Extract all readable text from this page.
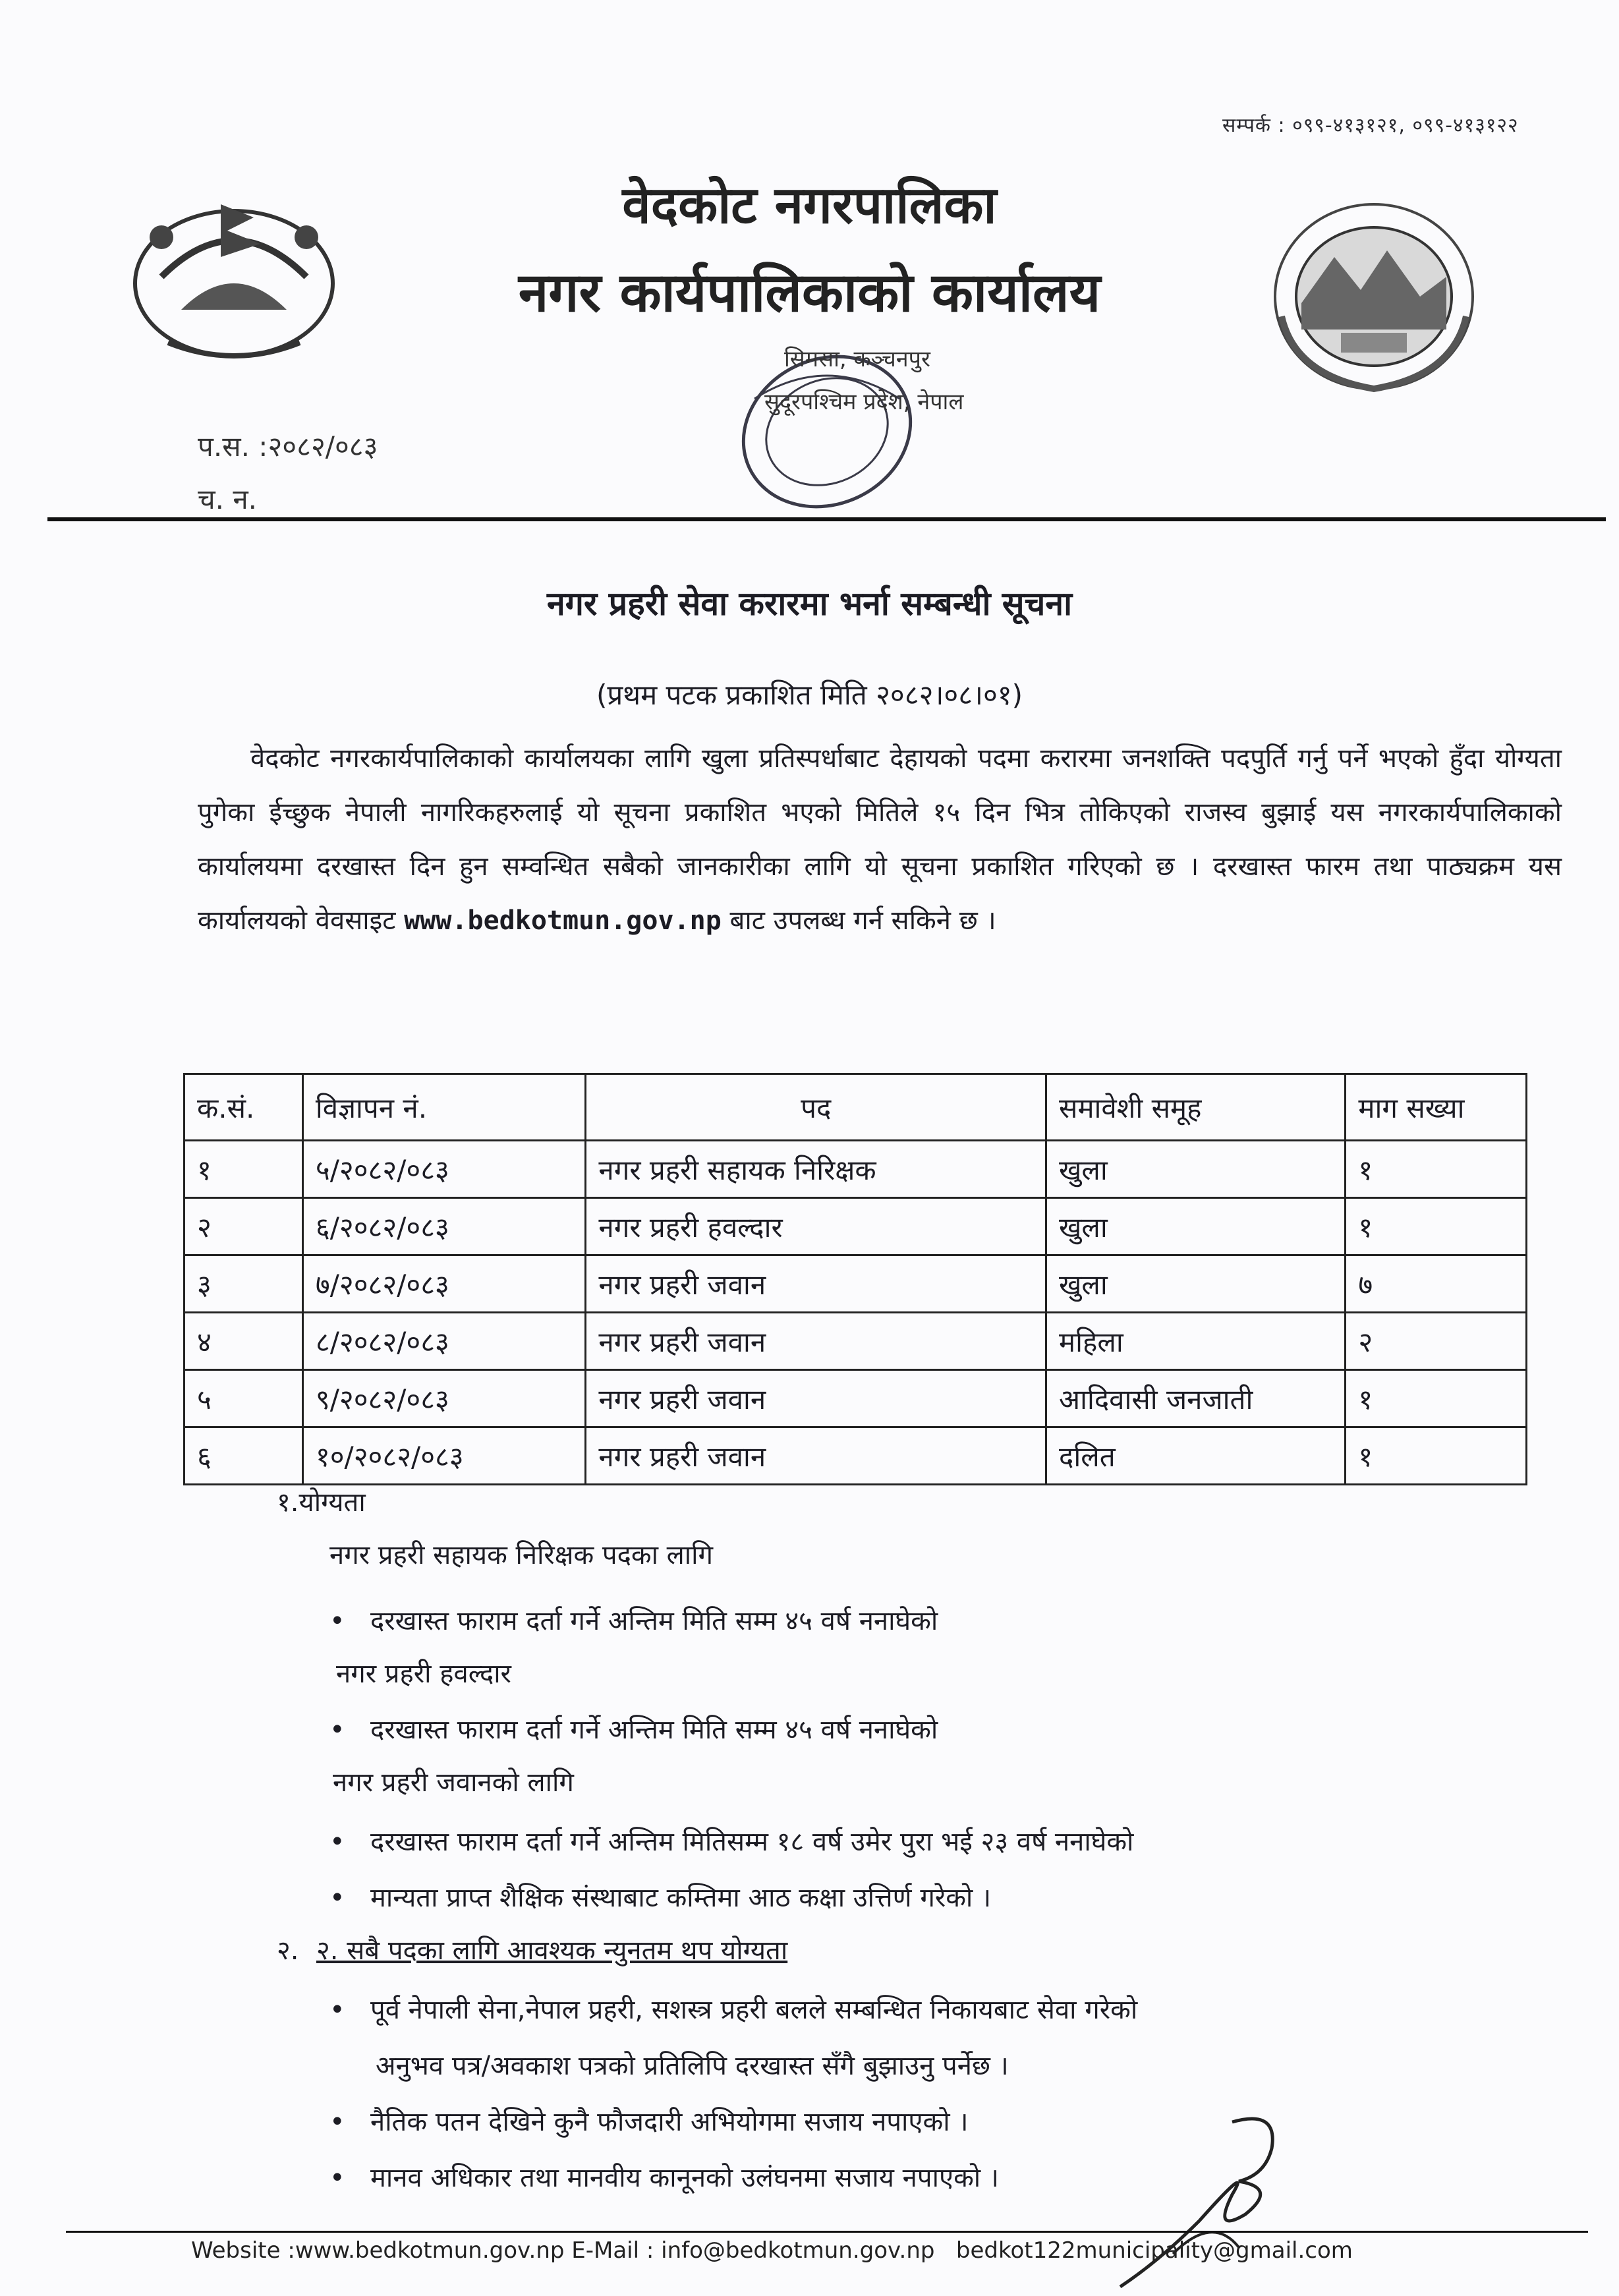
सम्पर्क : ०९९-४१३१२१, ०९९-४१३१२२
वेदकोट नगरपालिका
नगर कार्यपालिकाको कार्यालय
सिमसा, कञ्चनपुर
सुदूरपश्चिम प्रदेश, नेपाल
प.स. :२०८२/०८३
च. न.
नगर प्रहरी सेवा करारमा भर्ना सम्बन्धी सूचना
(प्रथम पटक प्रकाशित मिति २०८२।०८।०१)
वेदकोट नगरकार्यपालिकाको कार्यालयका लागि खुला प्रतिस्पर्धाबाट देहायको पदमा करारमा जनशक्ति पदपुर्ति गर्नु पर्ने भएको हुँदा योग्यता पुगेका ईच्छुक नेपाली नागरिकहरुलाई यो सूचना प्रकाशित भएको मितिले १५ दिन भित्र तोकिएको राजस्व बुझाई यस नगरकार्यपालिकाको कार्यालयमा दरखास्त दिन हुन सम्वन्धित सबैको जानकारीका लागि यो सूचना प्रकाशित गरिएको छ । दरखास्त फारम तथा पाठ्यक्रम यस कार्यालयको वेवसाइट www.bedkotmun.gov.np बाट उपलब्ध गर्न सकिने छ ।
क.सं.	विज्ञापन नं.	पद	समावेशी समूह	माग सख्या
१	५/२०८२/०८३	नगर प्रहरी सहायक निरिक्षक	खुला	१
२	६/२०८२/०८३	नगर प्रहरी हवल्दार	खुला	१
३	७/२०८२/०८३	नगर प्रहरी जवान	खुला	७
४	८/२०८२/०८३	नगर प्रहरी जवान	महिला	२
५	९/२०८२/०८३	नगर प्रहरी जवान	आदिवासी जनजाती	१
६	१०/२०८२/०८३	नगर प्रहरी जवान	दलित	१
१.योग्यता
नगर प्रहरी सहायक निरिक्षक पदका लागि
• दरखास्त फाराम दर्ता गर्ने अन्तिम मिति सम्म ४५ वर्ष ननाघेको
नगर प्रहरी हवल्दार
• दरखास्त फाराम दर्ता गर्ने अन्तिम मिति सम्म ४५ वर्ष ननाघेको
नगर प्रहरी जवानको लागि
• दरखास्त फाराम दर्ता गर्ने अन्तिम मितिसम्म १८ वर्ष उमेर पुरा भई २३ वर्ष ननाघेको
• मान्यता प्राप्त शैक्षिक संस्थाबाट कम्तिमा आठ कक्षा उत्तिर्ण गरेको ।
२. २. सबै पदका लागि आवश्यक न्युनतम थप योग्यता
• पूर्व नेपाली सेना,नेपाल प्रहरी, सशस्त्र प्रहरी बलले सम्बन्धित निकायबाट सेवा गरेको
अनुभव पत्र/अवकाश पत्रको प्रतिलिपि दरखास्त सँगै बुझाउनु पर्नेछ ।
• नैतिक पतन देखिने कुनै फौजदारी अभियोगमा सजाय नपाएको ।
• मानव अधिकार तथा मानवीय कानूनको उलंघनमा सजाय नपाएको ।
Website :www.bedkotmun.gov.np E-Mail : info@bedkotmun.gov.np bedkot122municipality@gmail.com
